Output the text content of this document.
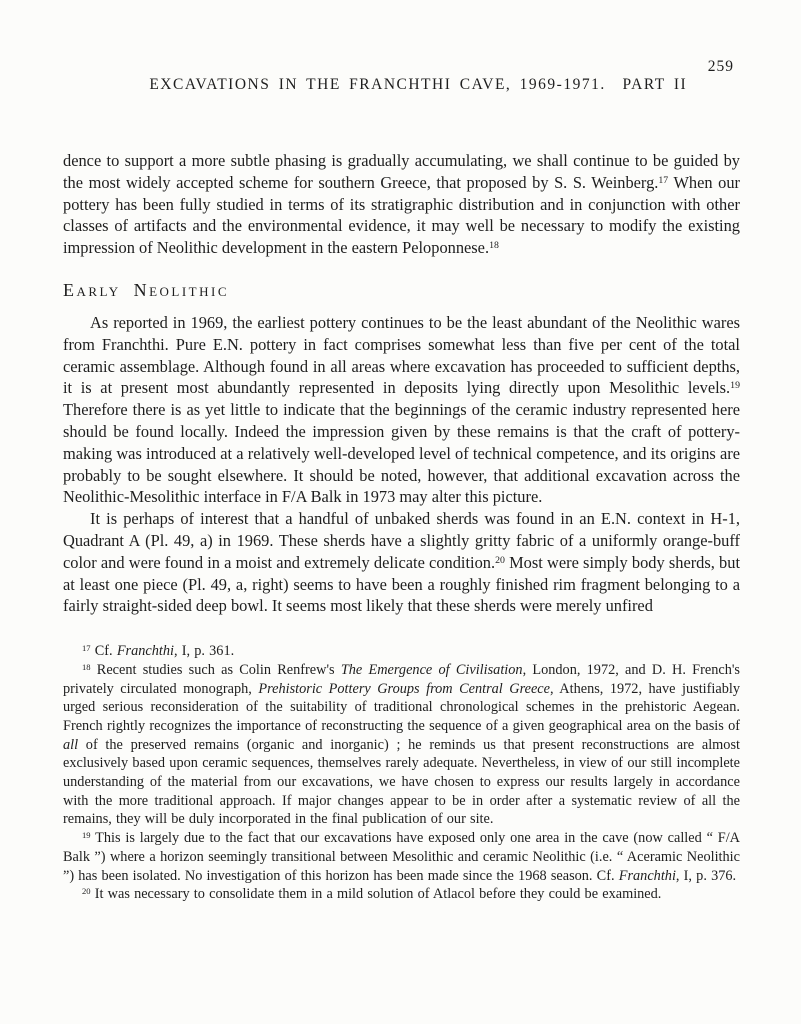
EXCAVATIONS IN THE FRANCHTHI CAVE, 1969-1971.  PART II

259

dence to support a more subtle phasing is gradually accumulating, we shall continue to be guided by the most widely accepted scheme for southern Greece, that proposed by S. S. Weinberg.$^{17}$ When our pottery has been fully studied in terms of its stratigraphic distribution and in conjunction with other classes of artifacts and the environmental evidence, it may well be necessary to modify the existing impression of Neolithic development in the eastern Peloponnese.$^{18}$

Early Neolithic

As reported in 1969, the earliest pottery continues to be the least abundant of the Neolithic wares from Franchthi. Pure E.N. pottery in fact comprises somewhat less than five per cent of the total ceramic assemblage. Although found in all areas where excavation has proceeded to sufficient depths, it is at present most abundantly represented in deposits lying directly upon Mesolithic levels.$^{19}$ Therefore there is as yet little to indicate that the beginnings of the ceramic industry represented here should be found locally. Indeed the impression given by these remains is that the craft of pottery-making was introduced at a relatively well-developed level of technical competence, and its origins are probably to be sought elsewhere. It should be noted, however, that additional excavation across the Neolithic-Mesolithic interface in F/A Balk in 1973 may alter this picture.

It is perhaps of interest that a handful of unbaked sherds was found in an E.N. context in H-1, Quadrant A (Pl. 49, a) in 1969. These sherds have a slightly gritty fabric of a uniformly orange-buff color and were found in a moist and extremely delicate condition.$^{20}$ Most were simply body sherds, but at least one piece (Pl. 49, a, right) seems to have been a roughly finished rim fragment belonging to a fairly straight-sided deep bowl. It seems most likely that these sherds were merely unfired

$^{17}$ Cf. Franchthi, I, p. 361.

$^{18}$ Recent studies such as Colin Renfrew's The Emergence of Civilisation, London, 1972, and D. H. French's privately circulated monograph, Prehistoric Pottery Groups from Central Greece, Athens, 1972, have justifiably urged serious reconsideration of the suitability of traditional chronological schemes in the prehistoric Aegean. French rightly recognizes the importance of reconstructing the sequence of a given geographical area on the basis of all of the preserved remains (organic and inorganic) ; he reminds us that present reconstructions are almost exclusively based upon ceramic sequences, themselves rarely adequate. Nevertheless, in view of our still incomplete understanding of the material from our excavations, we have chosen to express our results largely in accordance with the more traditional approach. If major changes appear to be in order after a systematic review of all the remains, they will be duly incorporated in the final publication of our site.

$^{19}$ This is largely due to the fact that our excavations have exposed only one area in the cave (now called “ F/A Balk ”) where a horizon seemingly transitional between Mesolithic and ceramic Neolithic (i.e. “ Aceramic Neolithic ”) has been isolated. No investigation of this horizon has been made since the 1968 season. Cf. Franchthi, I, p. 376.

$^{20}$ It was necessary to consolidate them in a mild solution of Atlacol before they could be examined.
